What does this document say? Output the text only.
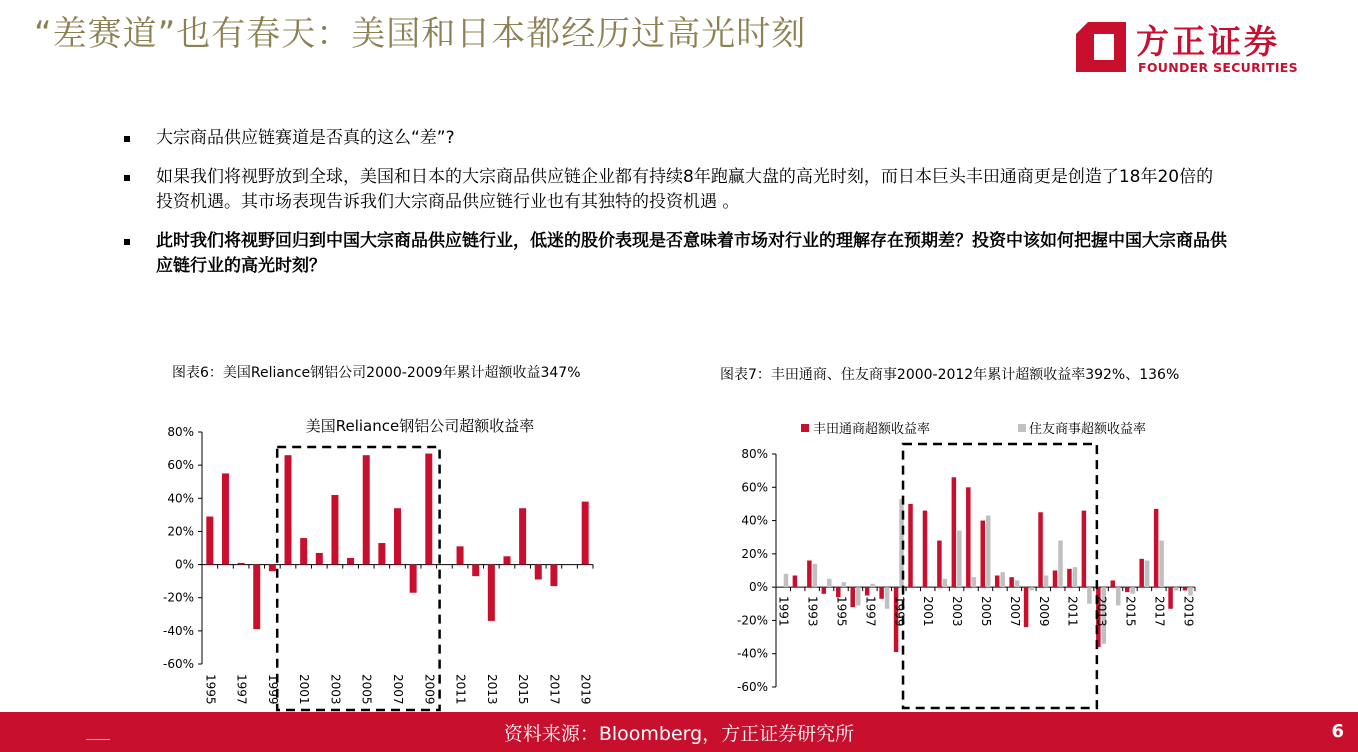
“差赛道”也有春天：美国和日本都经历过高光时刻	方正证券
FOUNDER SECURITIES
大宗商品供应链赛道是否真的这么“差”?
如果我们将视野放到全球，美国和日本的大宗商品供应链企业都有持续8年跑赢大盘的高光时刻，而日本巨头丰田通商更是创造了18年20倍的投资机遇。其市场表现告诉我们大宗商品供应链行业也有其独特的投资机遇 。
此时我们将视野回归到中国大宗商品供应链行业，低迷的股价表现是否意味着市场对行业的理解存在预期差？投资中该如何把握中国大宗商品供应链行业的高光时刻？
图表6：美国Reliance钢铝公司2000-2009年累计超额收益347%	图表7：丰田通商、住友商事2000-2012年累计超额收益率392%、136%
80%
60%
40%
20%
0%
-20%
-40%
-60%
1995 1997 1999 2001 2003 2005 2007 2009 2011 2013 2015 2017 2019
美国Reliance钢铝公司超额收益率
80%
60%
40%
20%
0%
-20%
-40%
-60%
1991 1993 1995 1997 1999 2001 2003 2005 2007 2009 2011 2013 2015 2017 2019
丰田通商超额收益率	住友商事超额收益率
资料来源：Bloomberg，方正证券研究所	6
